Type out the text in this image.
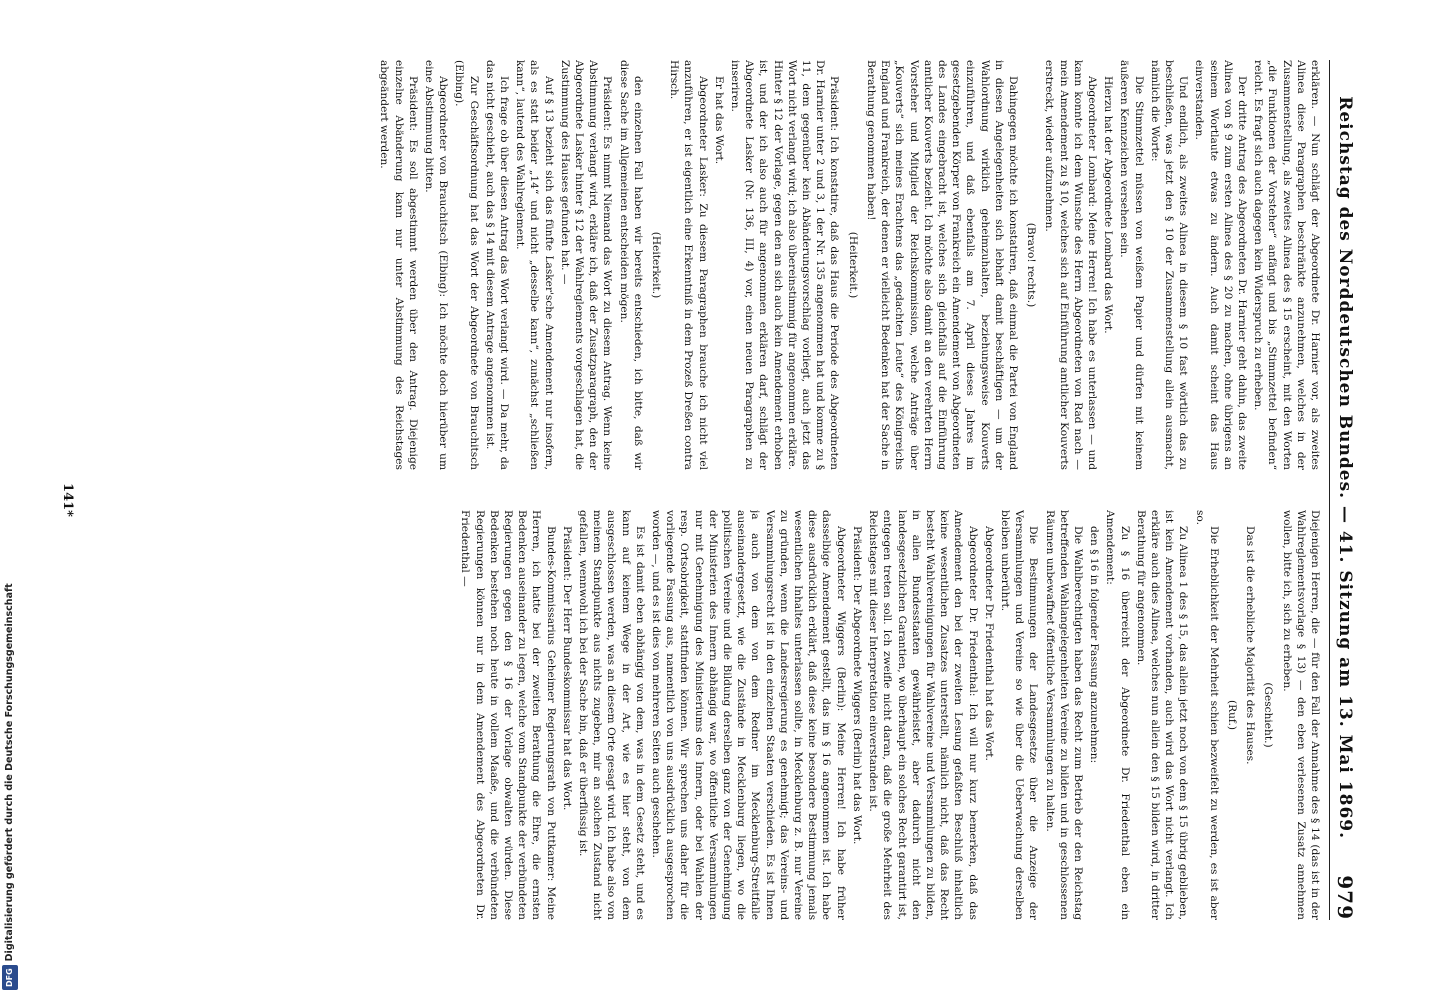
Reichstag des Norddeutschen Bundes. — 41. Sitzung am 13. Mai 1869.
979

erklären. — Nun schlägt der Abgeordnete Dr. Harnier vor, als zweites Alinea diese Paragraphen beschränkte anzunehmen, welches in der Zusammenstellung, als zweites Alinea des § 15 erscheint, mit den Worten „die Funktionen der Vorsteher“ anfängt und bis „Stimmzettel befinden“ reicht. Es fragt sich auch dagegen kein Widerspruch zu erheben.

Der dritte Antrag des Abgeordneten Dr. Harnier geht dahin, das zweite Alinea von § 9 zum ersten Alinea des § 20 zu machen, ohne übrigens an seinem Wortlaute etwas zu ändern. Auch damit scheint das Haus einverstanden.

Und endlich, als zweites Alinea in diesem § 10 fast wörtlich das zu beschließen, was jetzt den § 10 der Zusammenstellung allein ausmacht, nämlich die Worte:

Die Stimmzettel müssen von weißem Papier und dürfen mit keinem äußeren Kennzeichen versehen sein.

Hierzu hat der Abgeordnete Lombard das Wort.

Abgeordneter Lombard: Meine Herren! Ich habe es unterlassen — und kann konnte ich dem Wunsche des Herrn Abgeordneten von Rad nach — mein Amendement zu § 10, welches sich auf Einführung amtlicher Kouverts erstreckt, wieder aufzunehmen.

(Bravo! rechts.)

Dahingegen möchte ich konstatiren, daß einmal die Partei von England in diesen Angelegenheiten sich lebhaft damit beschäftigen — um der Wahlordnung wirklich geheimzuhalten, beziehungsweise Kouverts einzuführen, und daß ebenfalls am 7. April dieses Jahres im gesetzgebenden Körper von Frankreich ein Amendement von Abgeordneten des Landes eingebracht ist, welches sich gleichfalls auf die Einführung amtlicher Kouverts bezieht. Ich möchte also damit an den verehrten Herrn Vorsteher und Mitglied der Reichskommission, welche Anträge über „Kouverts“ sich meines Erachtens das „gedachten Leute“ des Königreichs England und Frankreich, der denen er vielleicht Bedenken hat der Sache in Berathung genommen haben!

(Heiterkeit.)

Präsident: Ich konstatire, daß das Haus die Periode des Abgeordneten Dr. Harnier unter 2 und 3, 1 der Nr. 135 angenommen hat und komme zu § 11, dem gegenüber kein Abänderungsvorschlag vorliegt, auch jetzt das Wort nicht verlangt wird; ich also übereinstimmig für angenommen erkläre. Hinter § 12 der Vorlage, gegen den an sich auch kein Amendement erhoben ist, und der ich also auch für angenommen erklären darf, schlägt der Abgeordnete Lasker (Nr. 136, III, 4) vor, einen neuen Paragraphen zu inseriren.

Er hat das Wort.

Abgeordneter Lasker: Zu diesem Paragraphen brauche ich nicht viel anzuführen, er ist eigentlich eine Erkenntniß in dem Prozeß Dreßen contra Hirsch.

(Heiterkeit.)

den einzelnen Fall haben wir bereits entschieden, ich bitte, daß wir diese Sache im Allgemeinen entscheiden mögen.

Präsident: Es nimmt Niemand das Wort zu diesem Antrag. Wenn keine Abstimmung verlangt wird, erkläre ich, daß der Zusatzparagraph, den der Abgeordnete Lasker hinter § 12 der Wahlreglements vorgeschlagen hat, die Zustimmung des Hauses gefunden hat. —

Auf § 13 bezieht sich das fünfte Lasker'sche Amendement nur insofern, als es statt beider „14“ und nicht „desselbe kann“, zunächst „schließen kann“, lautend des Wahlreglement.

Ich frage ob über diesen Antrag das Wort verlangt wird. — Da mehr, da das nicht geschieht, auch das § 14 mit diesem Antrage angenommen ist.

Zur Geschäftsordnung hat das Wort der Abgeordnete von Brauchitsch (Elbing).

Abgeordneter von Brauchitsch (Elbing): Ich möchte doch hierüber um eine Abstimmung bitten.

Präsident: Es soll abgestimmt werden über den Antrag. Diejenige einzelne Abänderung kann nur unter Abstimmung des Reichstages abgeändert werden.

Diejenigen Herren, die — für den Fall der Annahme des § 14 (das ist in der Wahlreglementsvorlage § 13) — den eben verlesenen Zusatz annehmen wollen, bitte ich, sich zu erheben.

(Geschieht.)

Das ist die erhebliche Majorität des Hauses.

(Ruf.)

Die Erheblichkeit der Mehrheit schien bezweifelt zu werden, es ist aber so.

Zu Alinea 1 des § 15, das allein jetzt noch von dem § 15 übrig geblieben, ist kein Amendement vorhanden, auch wird das Wort nicht verlangt. Ich erkläre auch dies Alinea, welches nun allein den § 15 bilden wird, in dritter Berathung für angenommen.

Zu § 16 überreicht der Abgeordnete Dr. Friedenthal eben ein Amendement:

den § 16 in folgender Fassung anzunehmen:

Die Wahlberechtigten haben das Recht zum Betrieb der den Reichstag betreffenden Wahlangelegenheiten Vereine zu bilden und in geschlossenen Räumen unbewaffnet öffentliche Versammlungen zu halten.

Die Bestimmungen der Landesgesetze über die Anzeige der Versammlungen und Vereine so wie über die Ueberwachung derselben bleiben unberührt.

Abgeordneter Dr. Friedenthal hat das Wort.

Abgeordneter Dr. Friedenthal: Ich will nur kurz bemerken, daß das Amendement den bei der zweiten Lesung gefaßten Beschluß inhaltlich keine wesentlichen Zusatzes unterstellt, nämlich nicht, daß das Recht besteht Wahlvereinigungen für Wahlvereine und Versammlungen zu bilden, in allen Bundesstaaten gewährleistet, aber dadurch nicht den landesgesetzlichen Garantien, wo überhaupt ein solches Recht garantirt ist, entgegen treten soll. Ich zweifle nicht daran, daß die große Mehrheit des Reichstages mit dieser Interpretation einverstanden ist.

Präsident: Der Abgeordnete Wiggers (Berlin) hat das Wort.

Abgeordneter Wiggers (Berlin): Meine Herren! Ich habe früher dasselbige Amendement gestellt, das im § 16 angenommen ist. Ich habe diese ausdrücklich erklärt, daß diese keine besondere Bestimmung jemals wesentlichen Inhaltes unterlassen sollte, in Mecklenburg z. B. nur Vereine zu gründen, wenn die Landesregierung es genehmigt; das Vereins- und Versammlungsrecht ist in den einzelnen Staaten verschieden. Es ist Ihnen ja auch von dem von dem Redner im Mecklenburg-Streitfalle auseinandergesetzt, wie die Zustände in Mecklenburg liegen, wo die politischen Vereine und die Bildung derselben ganz von der Genehmigung der Ministerien des Innern abhängig war, wo öffentliche Versammlungen nur mit Genehmigung des Ministeriums des Innern, oder bei Wahlen der resp. Ortsobrigkeit, stattfinden können. Wir sprechen uns daher für die vorliegende Fassung aus, namentlich von uns ausdrücklich ausgesprochen worden —, und es ist dies von mehreren Seiten auch geschehen.

Es ist damit eben abhängig von dem, was in dem Gesetz steht, und es kann auf keinem Wege in der Art, wie es hier steht, von dem ausgeschlossen werden, was an diesem Orte gesagt wird. Ich habe also von meinem Standpunkte aus nichts zugeben, mir an solchen Zustand nicht gefallen, wennwohl ich bei der Sache bin, daß er überflüssig ist.

Präsident: Der Herr Bundeskommissar hat das Wort.

Bundes-Kommissarius Geheimer Regierungsrath von Puttkamer: Meine Herren, ich hatte bei der zweiten Berathung die Ehre, die ernsten Bedenken auseinander zu legen, welche vom Standpunkte der verbündeten Regierungen gegen den § 16 der Vorlage obwalten würden. Diese Bedenken bestehen noch heute in vollem Maaße, und die verbündeten Regierungen können nur in dem Amendement des Abgeordneten Dr. Friedenthal —

141*
DFGDigitalisierung gefördert durch die Deutsche Forschungsgemeinschaft
